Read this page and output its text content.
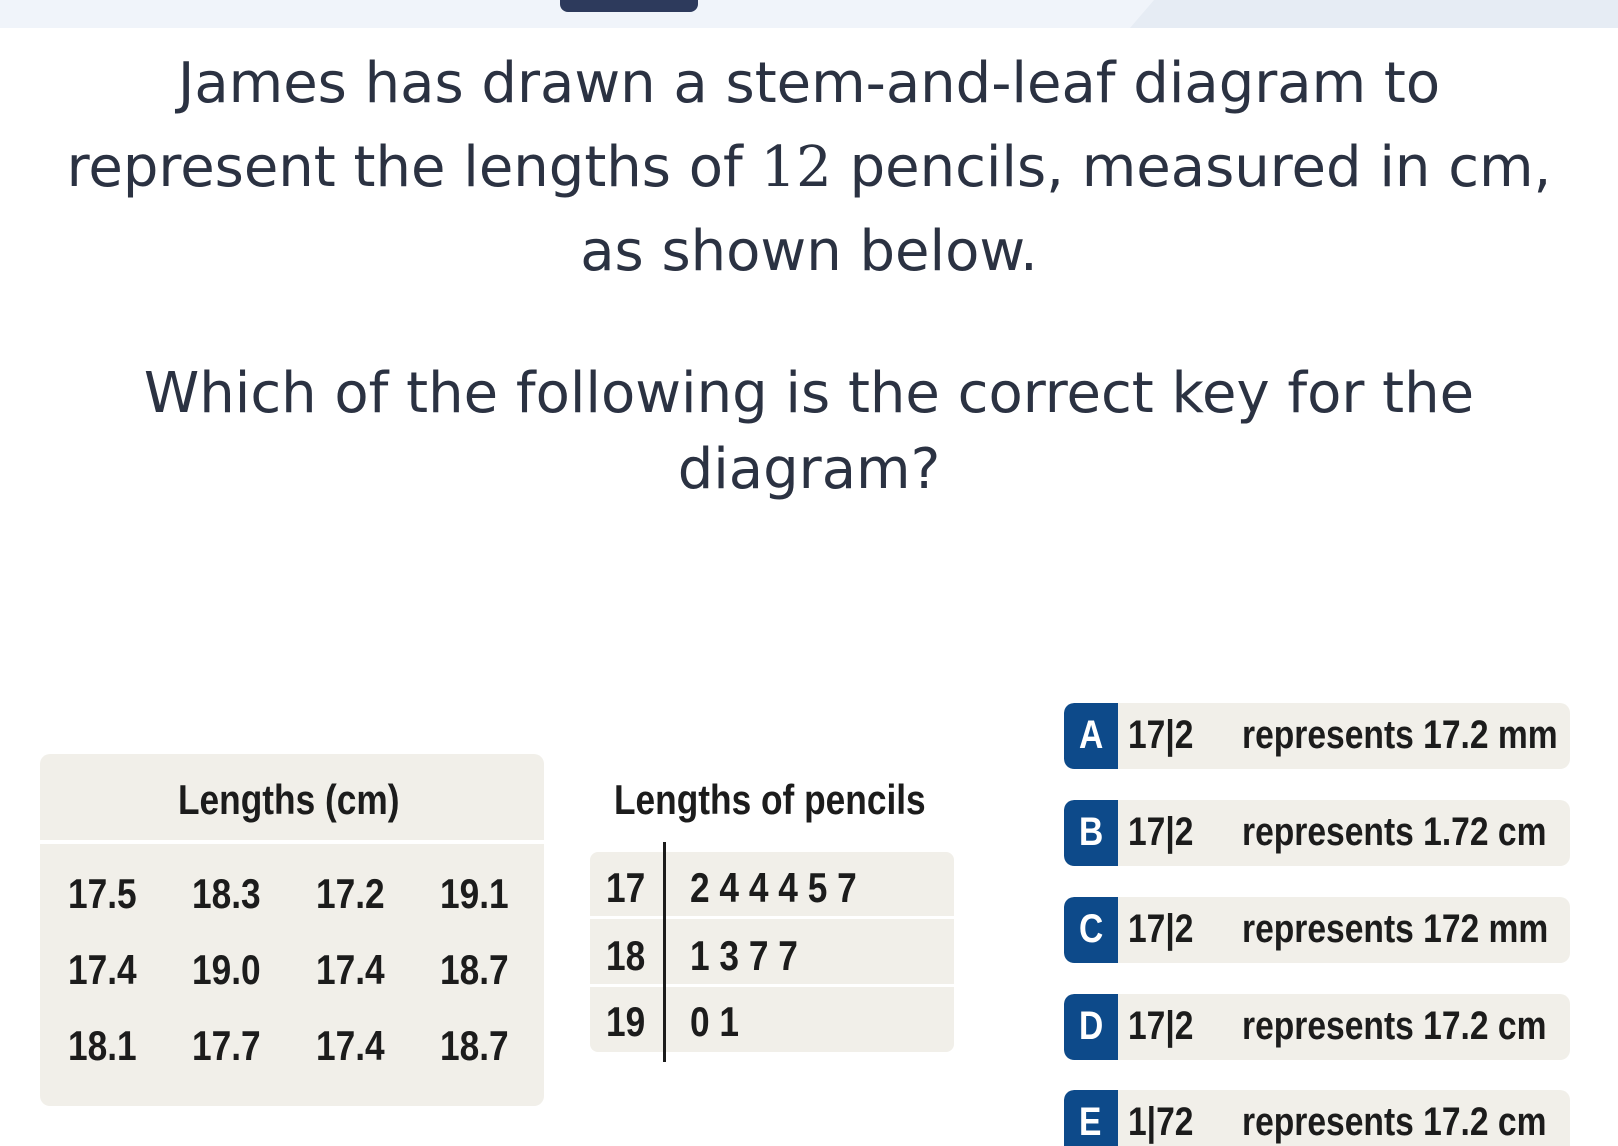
James has drawn a stem-and-leaf diagram to
represent the lengths of 12 pencils, measured in cm,
as shown below.
Which of the following is the correct key for the
diagram?
Lengths (cm)
17.5 18.3 17.2 19.1
17.4 19.0 17.4 18.7
18.1 17.7 17.4 18.7
Lengths of pencils
17 2 4 4 4 5 7
18 1 3 7 7
19 0 1
A 17|2 represents 17.2 mm
B 17|2 represents 1.72 cm
C 17|2 represents 172 mm
D 17|2 represents 17.2 cm
E 1|72 represents 17.2 cm
